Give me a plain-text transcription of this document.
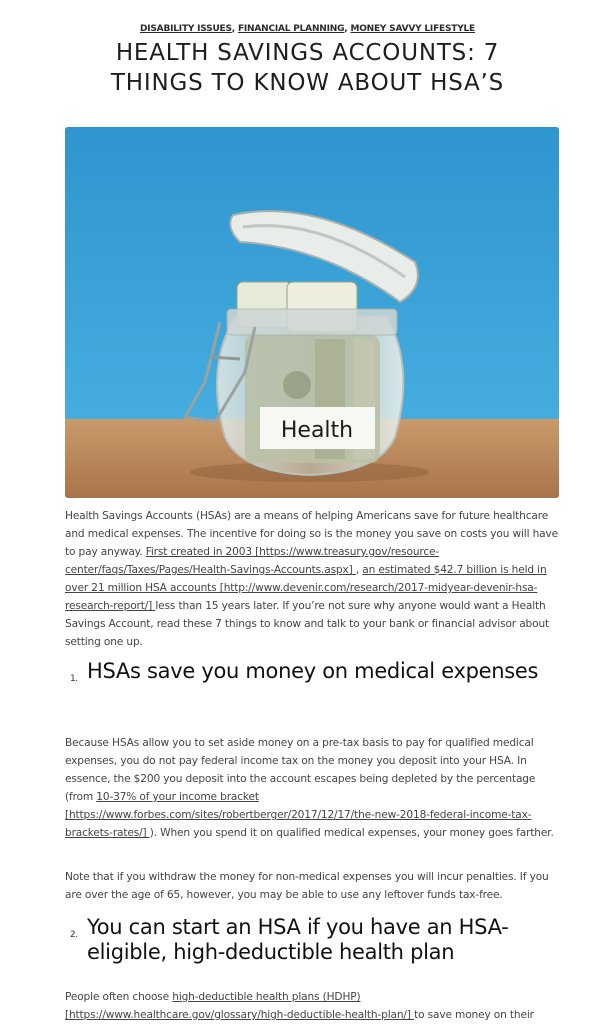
DISABILITY ISSUES, FINANCIAL PLANNING, MONEY SAVVY LIFESTYLE
HEALTH SAVINGS ACCOUNTS: 7
THINGS TO KNOW ABOUT HSA’S
Health

Health Savings Accounts (HSAs) are a means of helping Americans save for future healthcare and medical expenses. The incentive for doing so is the money you save on costs you will have to pay anyway. First created in 2003 [https://www.treasury.gov/resource-center/faqs/Taxes/Pages/Health-Savings-Accounts.aspx] , an estimated $42.7 billion is held in over 21 million HSA accounts [http://www.devenir.com/research/2017-midyear-devenir-hsa-research-report/] less than 15 years later. If you’re not sure why anyone would want a Health Savings Account, read these 7 things to know and talk to your bank or financial advisor about setting one up.

1. HSAs save you money on medical expenses

Because HSAs allow you to set aside money on a pre-tax basis to pay for qualified medical expenses, you do not pay federal income tax on the money you deposit into your HSA. In essence, the $200 you deposit into the account escapes being depleted by the percentage (from 10-37% of your income bracket [https://www.forbes.com/sites/robertberger/2017/12/17/the-new-2018-federal-income-tax-brackets-rates/] ). When you spend it on qualified medical expenses, your money goes farther.

Note that if you withdraw the money for non-medical expenses you will incur penalties. If you are over the age of 65, however, you may be able to use any leftover funds tax-free.

2. You can start an HSA if you have an HSA-eligible, high-deductible health plan

People often choose high-deductible health plans (HDHP) [https://www.healthcare.gov/glossary/high-deductible-health-plan/] to save money on their
